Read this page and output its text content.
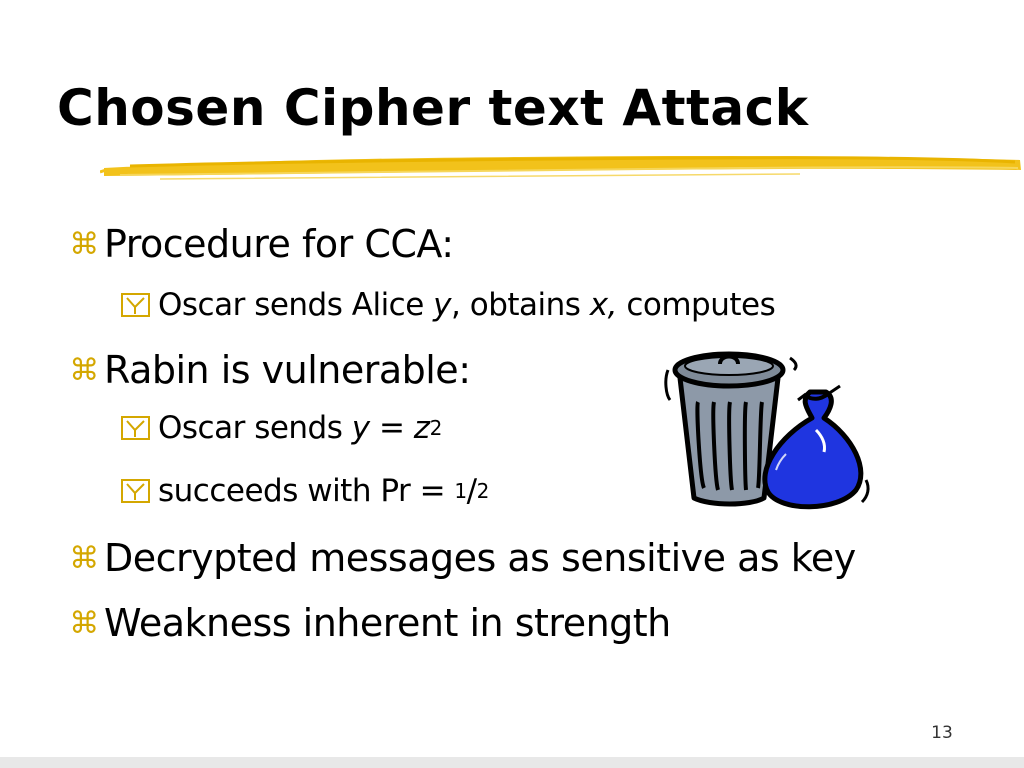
Chosen Cipher text Attack
⌘ Procedure for CCA:
Oscar sends Alice y , obtains x, computes
⌘ Rabin is vulnerable:
Oscar sends y = z 2
succeeds with Pr = 1 / 2
⌘ Decrypted messages as sensitive as key
⌘ Weakness inherent in strength
13
